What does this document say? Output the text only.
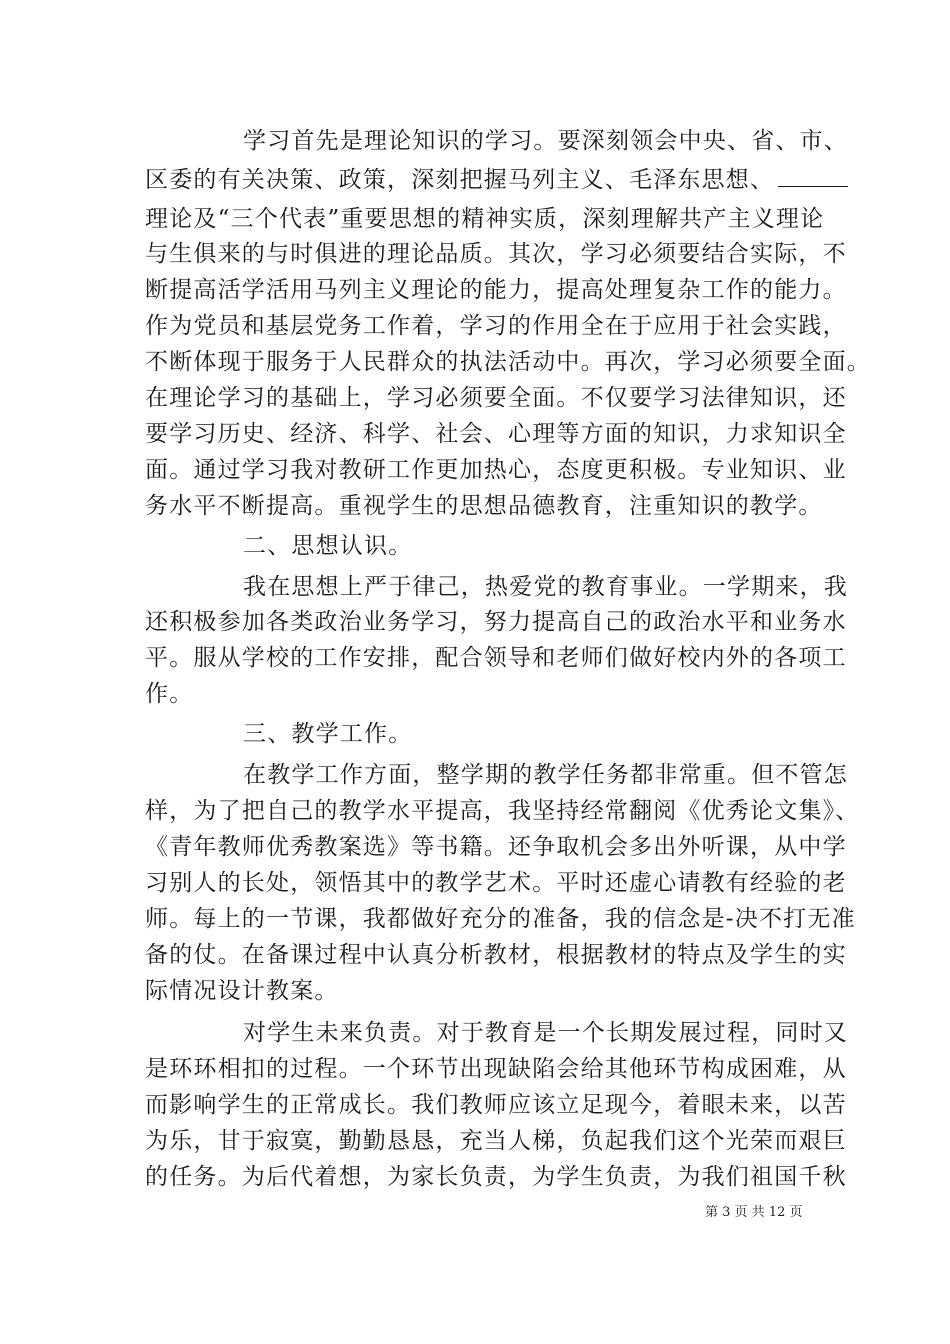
学习首先是理论知识的学习。要深刻领会中央、省、市、
区委的有关决策、政策，深刻把握马列主义、毛泽东思想、
理论及“三个代表”重要思想的精神实质，深刻理解共产主义理论
与生俱来的与时俱进的理论品质。其次，学习必须要结合实际，不
断提高活学活用马列主义理论的能力，提高处理复杂工作的能力。
作为党员和基层党务工作着，学习的作用全在于应用于社会实践，
不断体现于服务于人民群众的执法活动中。再次，学习必须要全面。
在理论学习的基础上，学习必须要全面。不仅要学习法律知识，还
要学习历史、经济、科学、社会、心理等方面的知识，力求知识全
面。通过学习我对教研工作更加热心，态度更积极。专业知识、业
务水平不断提高。重视学生的思想品德教育，注重知识的教学。
二、思想认识。
我在思想上严于律己，热爱党的教育事业。一学期来，我
还积极参加各类政治业务学习，努力提高自己的政治水平和业务水
平。服从学校的工作安排，配合领导和老师们做好校内外的各项工
作。
三、教学工作。
在教学工作方面，整学期的教学任务都非常重。但不管怎
样，为了把自己的教学水平提高，我坚持经常翻阅《优秀论文集》、
《青年教师优秀教案选》等书籍。还争取机会多出外听课，从中学
习别人的长处，领悟其中的教学艺术。平时还虚心请教有经验的老
师。每上的一节课，我都做好充分的准备，我的信念是-决不打无准
备的仗。在备课过程中认真分析教材，根据教材的特点及学生的实
际情况设计教案。
对学生未来负责。对于教育是一个长期发展过程，同时又
是环环相扣的过程。一个环节出现缺陷会给其他环节构成困难，从
而影响学生的正常成长。我们教师应该立足现今，着眼未来，以苦
为乐，甘于寂寞，勤勤恳恳，充当人梯，负起我们这个光荣而艰巨
的任务。为后代着想，为家长负责，为学生负责，为我们祖国千秋
第 3 页 共 12 页
